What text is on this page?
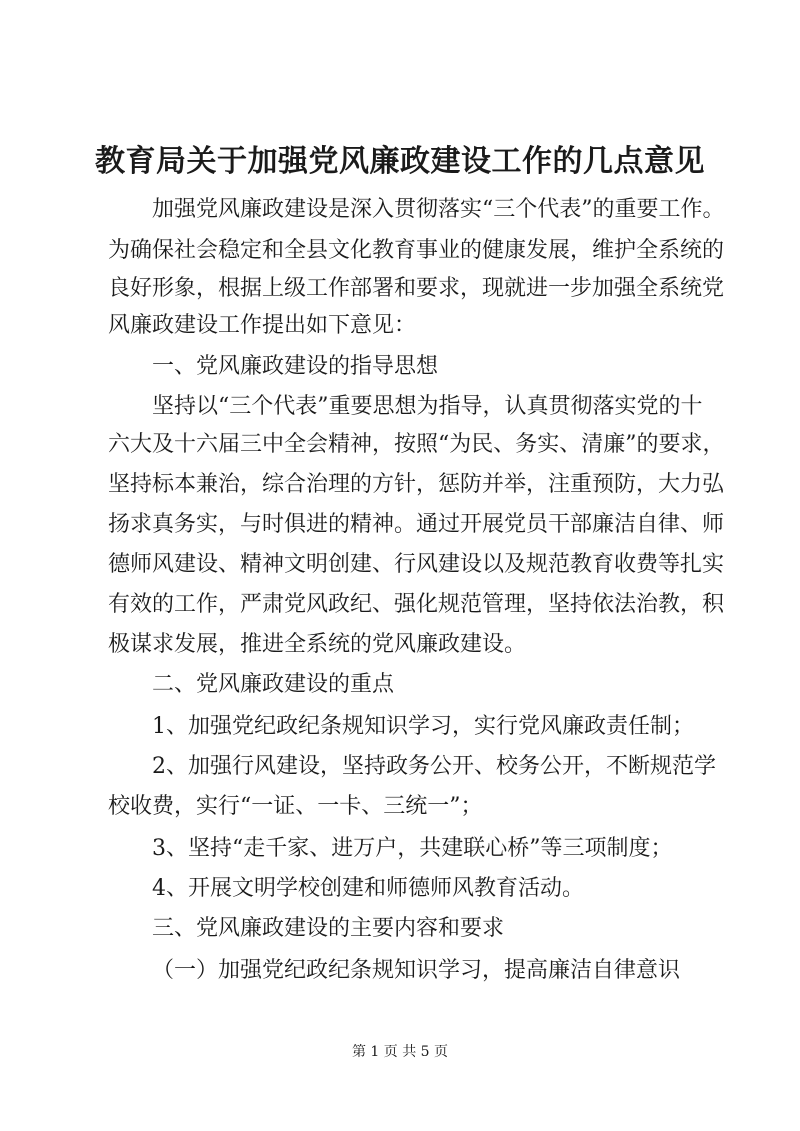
教育局关于加强党风廉政建设工作的几点意见

加强党风廉政建设是深入贯彻落实“三个代表”的重要工作。

为确保社会稳定和全县文化教育事业的健康发展，维护全系统的

良好形象，根据上级工作部署和要求，现就进一步加强全系统党

风廉政建设工作提出如下意见：

一、党风廉政建设的指导思想

坚持以“三个代表”重要思想为指导，认真贯彻落实党的十

六大及十六届三中全会精神，按照“为民、务实、清廉”的要求，

坚持标本兼治，综合治理的方针，惩防并举，注重预防，大力弘

扬求真务实，与时俱进的精神。通过开展党员干部廉洁自律、师

德师风建设、精神文明创建、行风建设以及规范教育收费等扎实

有效的工作，严肃党风政纪、强化规范管理，坚持依法治教，积

极谋求发展，推进全系统的党风廉政建设。

二、党风廉政建设的重点

1、加强党纪政纪条规知识学习，实行党风廉政责任制；

2、加强行风建设，坚持政务公开、校务公开，不断规范学

校收费，实行“一证、一卡、三统一”；

3、坚持“走千家、进万户，共建联心桥”等三项制度；

4、开展文明学校创建和师德师风教育活动。

三、党风廉政建设的主要内容和要求

（一）加强党纪政纪条规知识学习，提高廉洁自律意识

第 1 页 共 5 页
